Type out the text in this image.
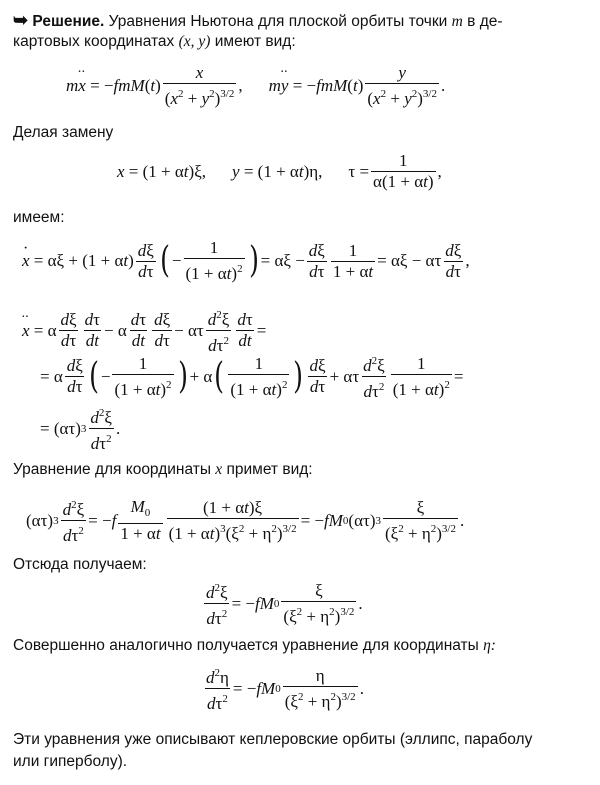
➥ Решение. Уравнения Ньютона для плоской орбиты точки m в де-
картовых координатах (x, y) имеют вид:
m x ·· = − fmM ( t )
x
$(x^2 + y^2)^{3/2}$ , m y ·· = − fmM ( t )
y
$(x^2 + y^2)^{3/2}$ .
Делая замену
x = (1 + α t )ξ, y = (1 + α t )η,
τ =
1
α(1 + αt)
,
имеем:
x · = αξ + (1 + α t )
dξ
dτ ( −
1
$(1 + \alpha t)^2$ ) = αξ −
dξ
dτ
1
1 + αt
= αξ − ατ
dξ
dτ
,
x ·· = α
dξ
dτ
dτ
dt
− α
dτ
dt
dξ
dτ
− ατ
$d^2\xi$
$d\tau^2$
dτ
dt
=
= α
dξ
dτ ( −
1
$(1 + \alpha t)^2$ ) + α ( 1
$(1 + \alpha t)^2$ ) dξ
dτ
+ ατ
$d^2\xi$
$d\tau^2$
1
$(1 + \alpha t)^2$ =
= (ατ) 3
$d^2\xi$
$d\tau^2$
.
Уравнение для координаты x примет вид:
(ατ) 3
$d^2\xi$
$d\tau^2$
= − f
$M_0$
1 + αt
(1 + αt)ξ
$(1 + \alpha t)^3(\xi^2 + \eta^2)^{3/2}$ = − fM 0 (ατ) 3
ξ
$(\xi^2 + \eta^2)^{3/2}$ .
Отсюда получаем:
$d^2\xi$
$d\tau^2$
= − fM 0
ξ
$(\xi^2 + \eta^2)^{3/2}$ .
Совершенно аналогично получается уравнение для координаты η:
$d^2\eta$
$d\tau^2$
= − fM 0
η
$(\xi^2 + \eta^2)^{3/2}$ .
Эти уравнения уже описывают кеплеровские орбиты (эллипс, параболу
или гиперболу).
